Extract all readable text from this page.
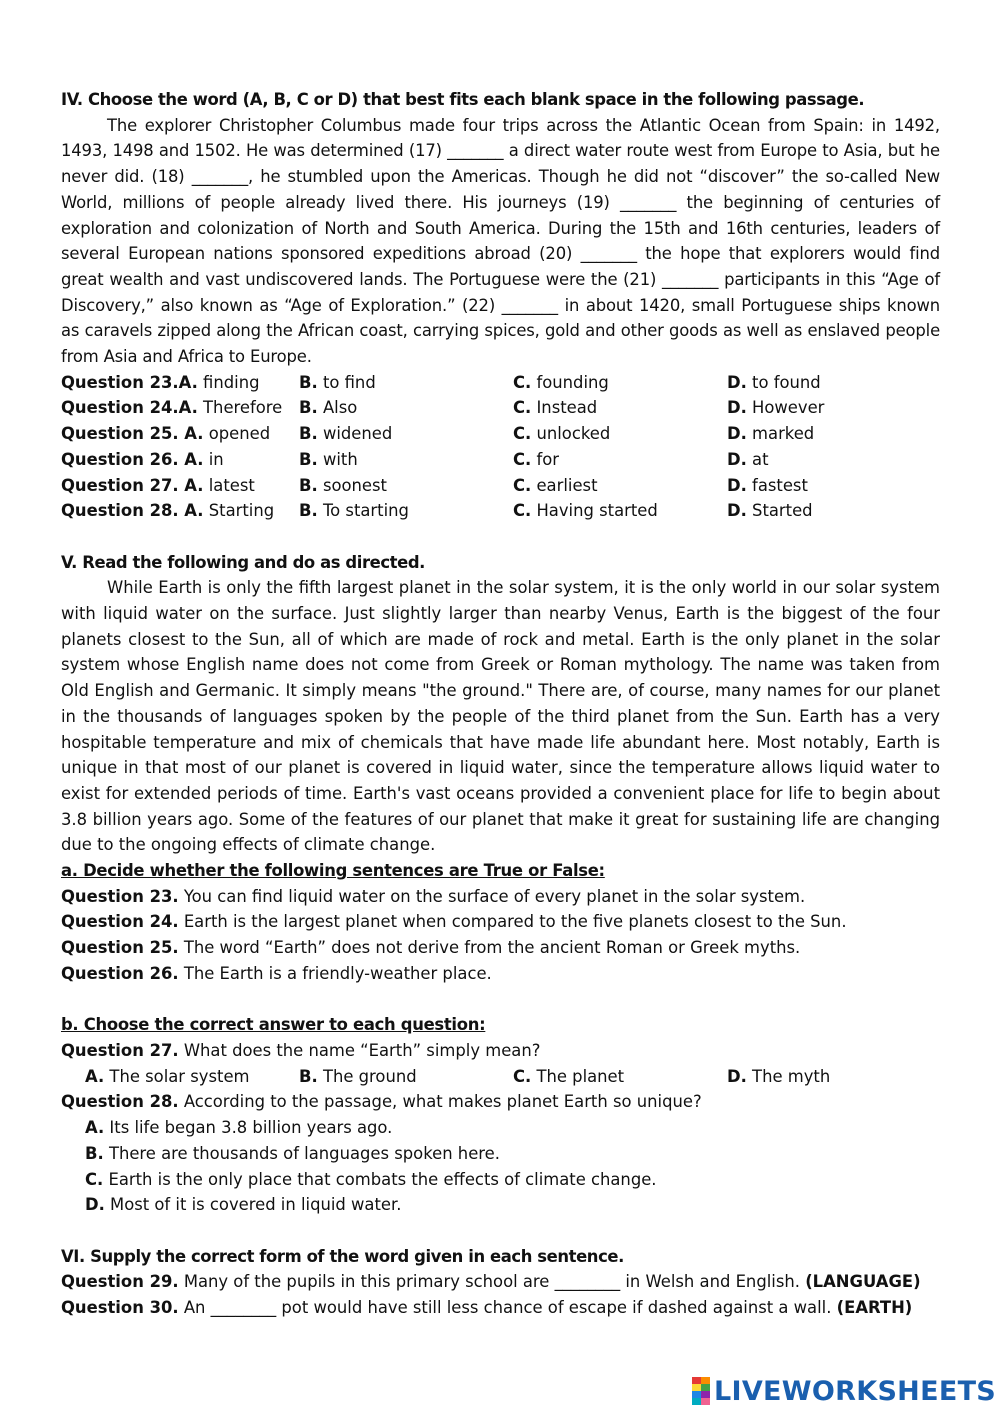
IV. Choose the word (A, B, C or D) that best fits each blank space in the following passage.
The explorer Christopher Columbus made four trips across the Atlantic Ocean from Spain: in 1492, 1493, 1498 and 1502. He was determined (17) _______ a direct water route west from Europe to Asia, but he never did. (18) _______, he stumbled upon the Americas. Though he did not “discover” the so-called New World, millions of people already lived there. His journeys (19) _______ the beginning of centuries of exploration and colonization of North and South America. During the 15th and 16th centuries, leaders of several European nations sponsored expeditions abroad (20) _______ the hope that explorers would find great wealth and vast undiscovered lands. The Portuguese were the (21) _______ participants in this “Age of Discovery,” also known as “Age of Exploration.” (22) _______ in about 1420, small Portuguese ships known as caravels zipped along the African coast, carrying spices, gold and other goods as well as enslaved people from Asia and Africa to Europe.
Question 23.A. finding	B. to find	C. founding	D. to found
Question 24.A. Therefore	B. Also	C. Instead	D. However
Question 25. A. opened	B. widened	C. unlocked	D. marked
Question 26. A. in	B. with	C. for	D. at
Question 27. A. latest	B. soonest	C. earliest	D. fastest
Question 28. A. Starting	B. To starting	C. Having started	D. Started
V. Read the following and do as directed.
While Earth is only the fifth largest planet in the solar system, it is the only world in our solar system with liquid water on the surface. Just slightly larger than nearby Venus, Earth is the biggest of the four planets closest to the Sun, all of which are made of rock and metal. Earth is the only planet in the solar system whose English name does not come from Greek or Roman mythology. The name was taken from Old English and Germanic. It simply means "the ground." There are, of course, many names for our planet in the thousands of languages spoken by the people of the third planet from the Sun. Earth has a very hospitable temperature and mix of chemicals that have made life abundant here. Most notably, Earth is unique in that most of our planet is covered in liquid water, since the temperature allows liquid water to exist for extended periods of time. Earth's vast oceans provided a convenient place for life to begin about 3.8 billion years ago. Some of the features of our planet that make it great for sustaining life are changing due to the ongoing effects of climate change.
a. Decide whether the following sentences are True or False:
Question 23. You can find liquid water on the surface of every planet in the solar system.
Question 24. Earth is the largest planet when compared to the five planets closest to the Sun.
Question 25. The word “Earth” does not derive from the ancient Roman or Greek myths.
Question 26. The Earth is a friendly-weather place.
b. Choose the correct answer to each question:
Question 27. What does the name “Earth” simply mean?
A. The solar system	B. The ground	C. The planet	D. The myth
Question 28. According to the passage, what makes planet Earth so unique?
A. Its life began 3.8 billion years ago.
B. There are thousands of languages spoken here.
C. Earth is the only place that combats the effects of climate change.
D. Most of it is covered in liquid water.
VI. Supply the correct form of the word given in each sentence.
Question 29. Many of the pupils in this primary school are ________ in Welsh and English. (LANGUAGE)
Question 30. An ________ pot would have still less chance of escape if dashed against a wall. (EARTH)
LIVEWORKSHEETS
